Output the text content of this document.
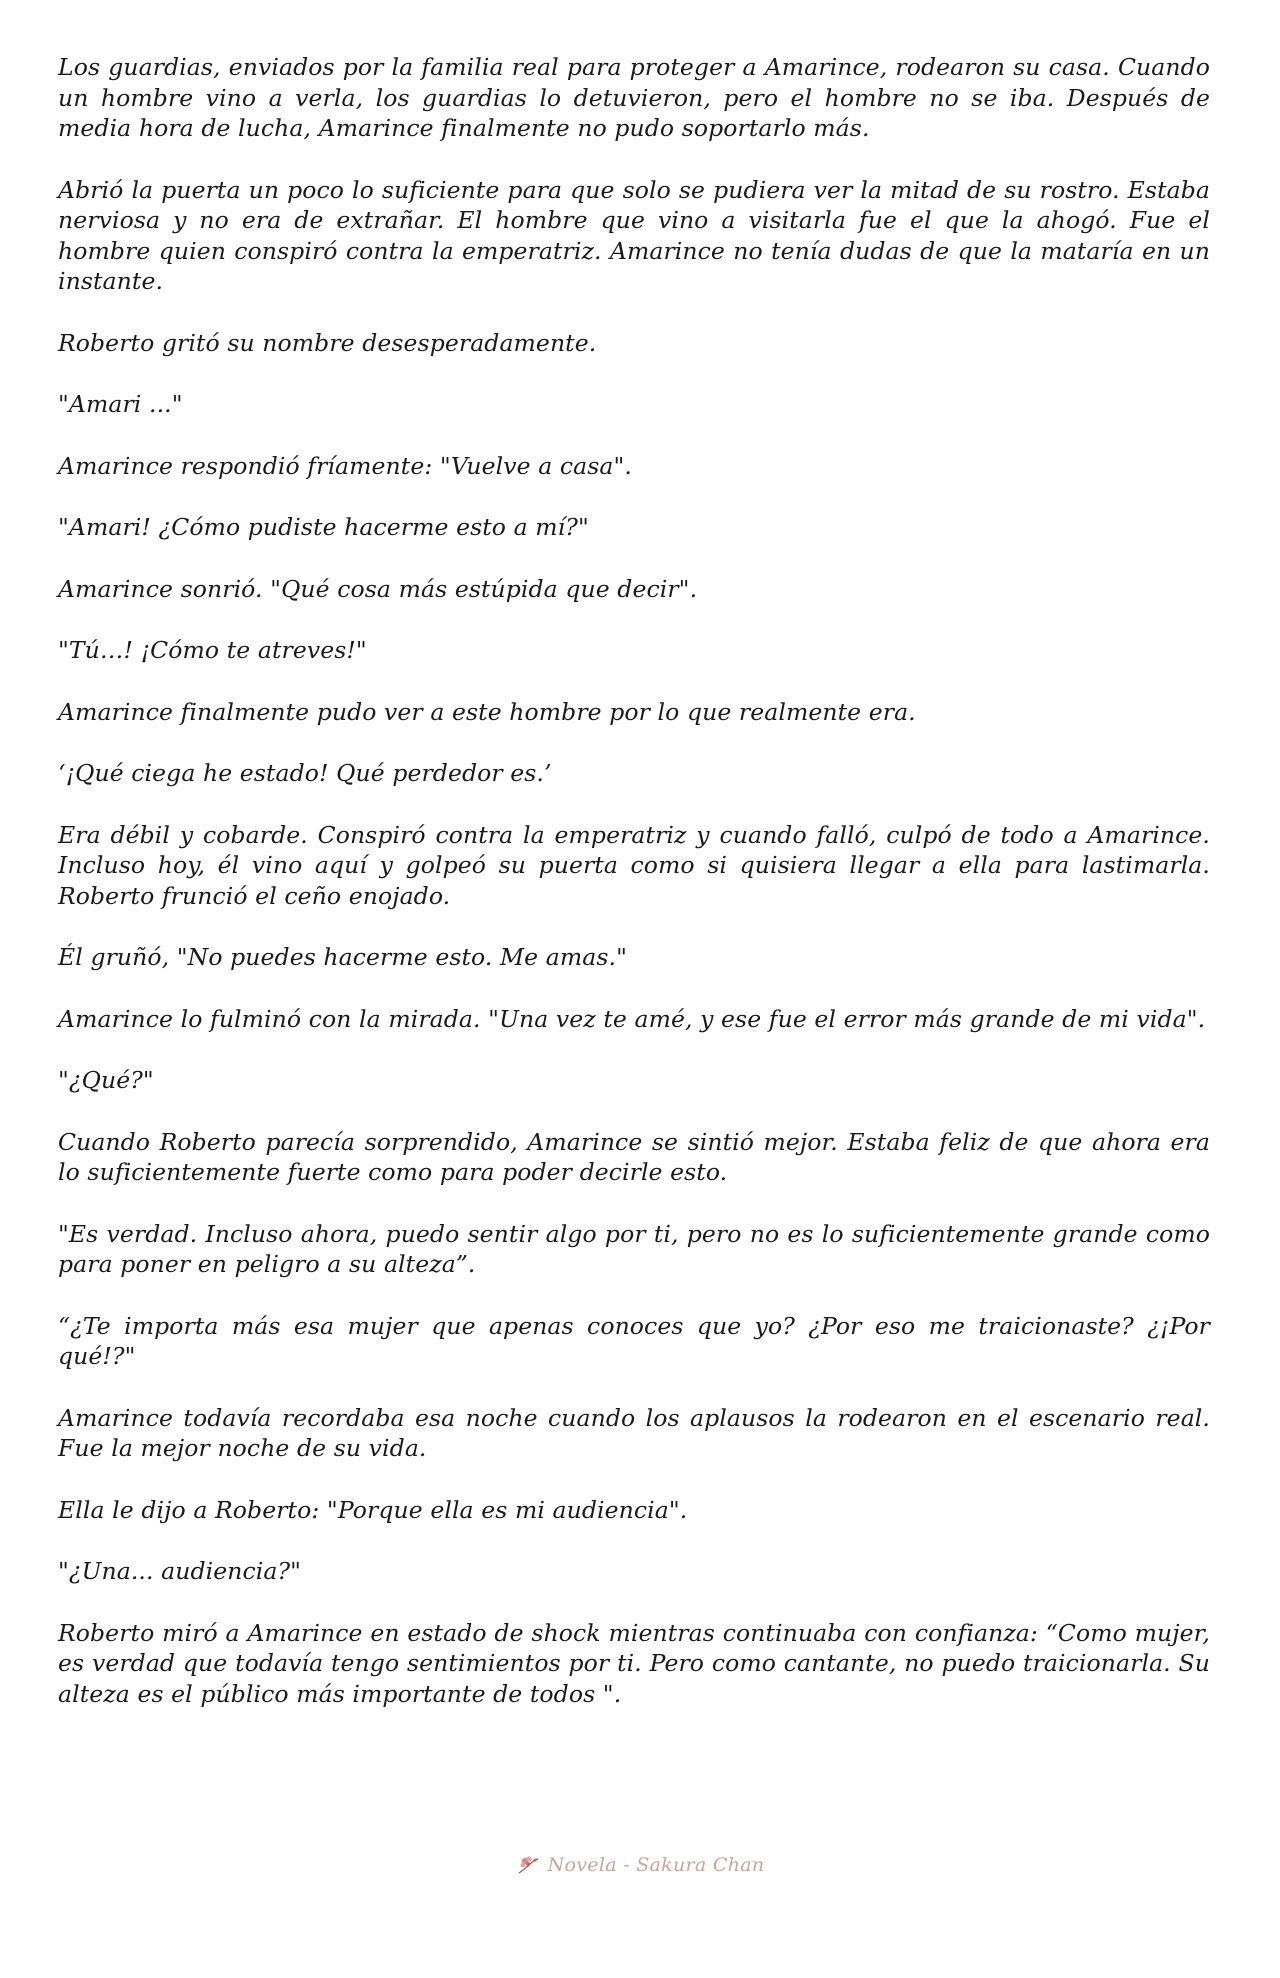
Los guardias, enviados por la familia real para proteger a Amarince, rodearon su casa. Cuando un hombre vino a verla, los guardias lo detuvieron, pero el hombre no se iba. Después de media hora de lucha, Amarince finalmente no pudo soportarlo más.

Abrió la puerta un poco lo suficiente para que solo se pudiera ver la mitad de su rostro. Estaba nerviosa y no era de extrañar. El hombre que vino a visitarla fue el que la ahogó. Fue el hombre quien conspiró contra la emperatriz. Amarince no tenía dudas de que la mataría en un instante.

Roberto gritó su nombre desesperadamente.

"Amari ..."

Amarince respondió fríamente: "Vuelve a casa".

"Amari! ¿Cómo pudiste hacerme esto a mí?"

Amarince sonrió. "Qué cosa más estúpida que decir".

"Tú…! ¡Cómo te atreves!"

Amarince finalmente pudo ver a este hombre por lo que realmente era.

‘¡Qué ciega he estado! Qué perdedor es.’

Era débil y cobarde. Conspiró contra la emperatriz y cuando falló, culpó de todo a Amarince. Incluso hoy, él vino aquí y golpeó su puerta como si quisiera llegar a ella para lastimarla. Roberto frunció el ceño enojado.

Él gruñó, "No puedes hacerme esto. Me amas."

Amarince lo fulminó con la mirada. "Una vez te amé, y ese fue el error más grande de mi vida".

"¿Qué?"

Cuando Roberto parecía sorprendido, Amarince se sintió mejor. Estaba feliz de que ahora era lo suficientemente fuerte como para poder decirle esto.

"Es verdad. Incluso ahora, puedo sentir algo por ti, pero no es lo suficientemente grande como para poner en peligro a su alteza”.

“¿Te importa más esa mujer que apenas conoces que yo? ¿Por eso me traicionaste? ¿¡Por qué!?"

Amarince todavía recordaba esa noche cuando los aplausos la rodearon en el escenario real. Fue la mejor noche de su vida.

Ella le dijo a Roberto: "Porque ella es mi audiencia".

"¿Una... audiencia?"

Roberto miró a Amarince en estado de shock mientras continuaba con confianza: “Como mujer, es verdad que todavía tengo sentimientos por ti. Pero como cantante, no puedo traicionarla. Su alteza es el público más importante de todos ".

Novela - Sakura Chan
